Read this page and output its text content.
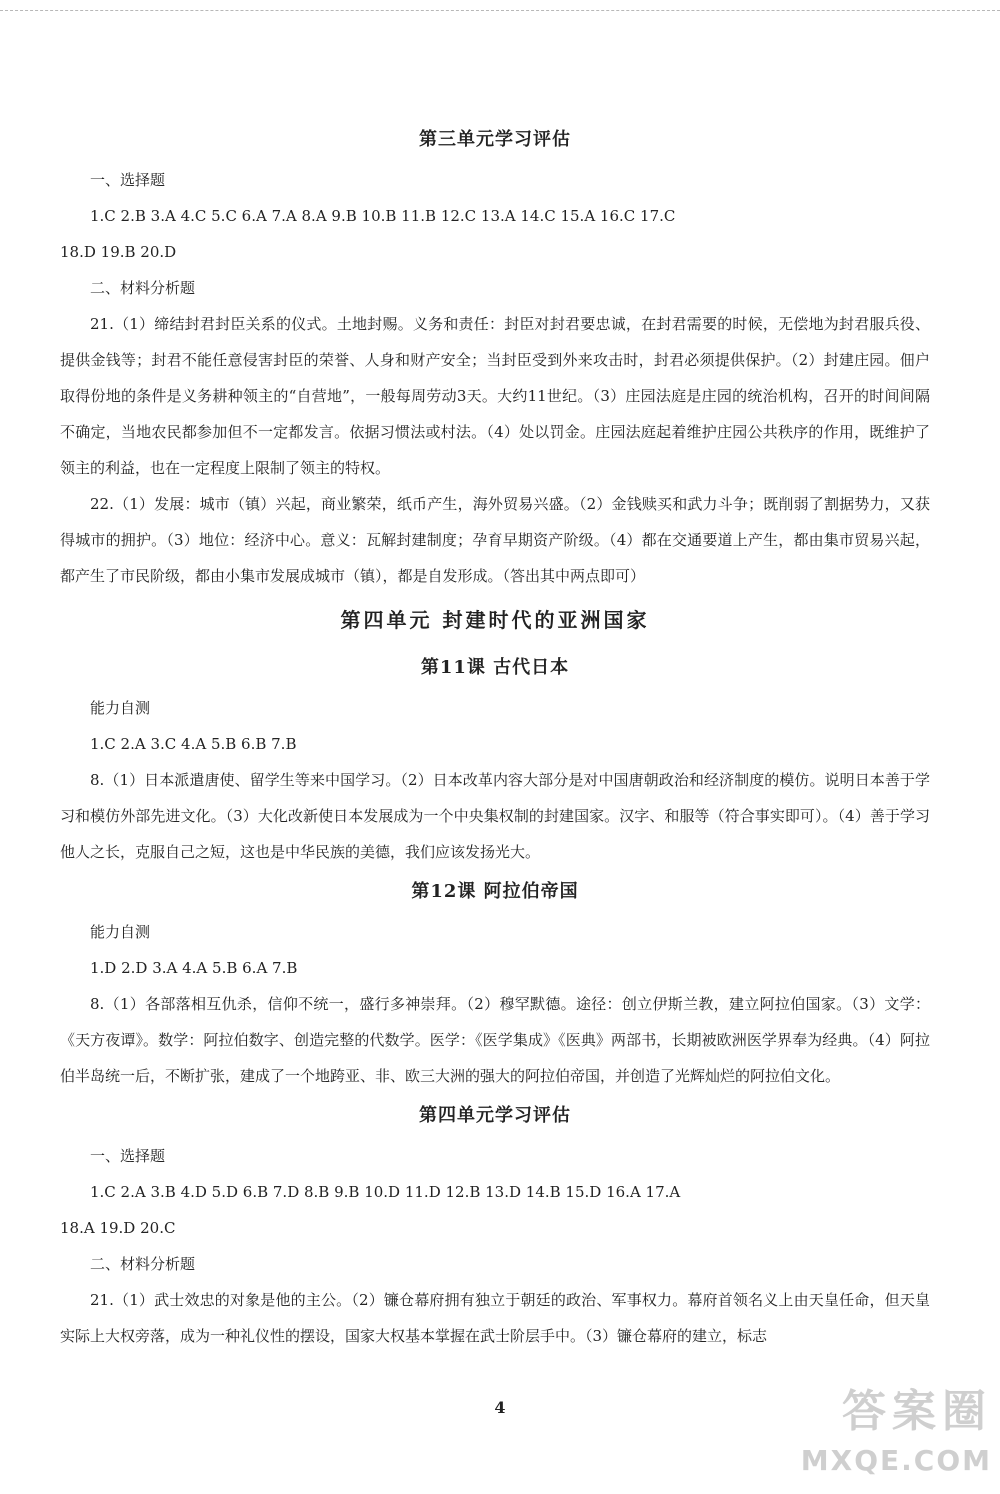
第三单元学习评估

一、选择题

1.C 2.B 3.A 4.C 5.C 6.A 7.A 8.A 9.B 10.B 11.B 12.C 13.A 14.C 15.A 16.C 17.C

18.D 19.B 20.D

二、材料分析题

21.（1）缔结封君封臣关系的仪式。土地封赐。义务和责任：封臣对封君要忠诚，在封君需要的时候，无偿地为封君服兵役、提供金钱等；封君不能任意侵害封臣的荣誉、人身和财产安全；当封臣受到外来攻击时，封君必须提供保护。（2）封建庄园。佃户取得份地的条件是义务耕种领主的“自营地”，一般每周劳动3天。大约11世纪。（3）庄园法庭是庄园的统治机构，召开的时间间隔不确定，当地农民都参加但不一定都发言。依据习惯法或村法。（4）处以罚金。庄园法庭起着维护庄园公共秩序的作用，既维护了领主的利益，也在一定程度上限制了领主的特权。

22.（1）发展：城市（镇）兴起，商业繁荣，纸币产生，海外贸易兴盛。（2）金钱赎买和武力斗争；既削弱了割据势力，又获得城市的拥护。（3）地位：经济中心。意义：瓦解封建制度；孕育早期资产阶级。（4）都在交通要道上产生，都由集市贸易兴起，都产生了市民阶级，都由小集市发展成城市（镇），都是自发形成。（答出其中两点即可）

第四单元 封建时代的亚洲国家
第11课 古代日本

能力自测

1.C 2.A 3.C 4.A 5.B 6.B 7.B

8.（1）日本派遣唐使、留学生等来中国学习。（2）日本改革内容大部分是对中国唐朝政治和经济制度的模仿。说明日本善于学习和模仿外部先进文化。（3）大化改新使日本发展成为一个中央集权制的封建国家。汉字、和服等（符合事实即可）。（4）善于学习他人之长，克服自己之短，这也是中华民族的美德，我们应该发扬光大。

第12课 阿拉伯帝国

能力自测

1.D 2.D 3.A 4.A 5.B 6.A 7.B

8.（1）各部落相互仇杀，信仰不统一，盛行多神崇拜。（2）穆罕默德。途径：创立伊斯兰教，建立阿拉伯国家。（3）文学：《天方夜谭》。数学：阿拉伯数字、创造完整的代数学。医学：《医学集成》《医典》两部书，长期被欧洲医学界奉为经典。（4）阿拉伯半岛统一后，不断扩张，建成了一个地跨亚、非、欧三大洲的强大的阿拉伯帝国，并创造了光辉灿烂的阿拉伯文化。

第四单元学习评估

一、选择题

1.C 2.A 3.B 4.D 5.D 6.B 7.D 8.B 9.B 10.D 11.D 12.B 13.D 14.B 15.D 16.A 17.A

18.A 19.D 20.C

二、材料分析题

21.（1）武士效忠的对象是他的主公。（2）镰仓幕府拥有独立于朝廷的政治、军事权力。幕府首领名义上由天皇任命，但天皇实际上大权旁落，成为一种礼仪性的摆设，国家大权基本掌握在武士阶层手中。（3）镰仓幕府的建立，标志

4	答案圈
MXQE.COM
